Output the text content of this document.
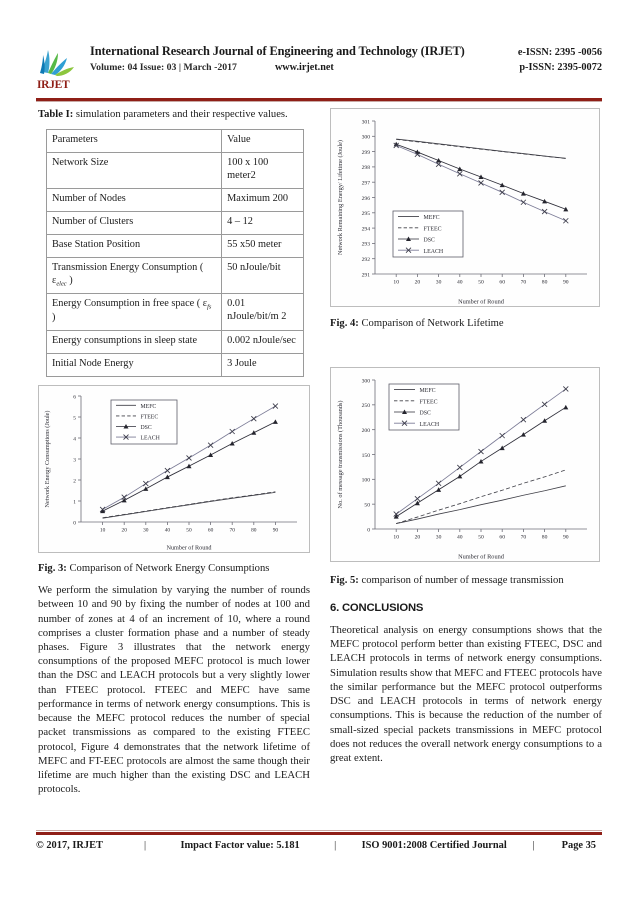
IRJET
International Research Journal of Engineering and Technology (IRJET)	e-ISSN: 2395 -0056
Volume: 04 Issue: 03 | March -2017	www.irjet.net	p-ISSN: 2395-0072

Table I: simulation parameters and their respective values.

Parameters	Value
Network Size	100 x 100 meter2
Number of Nodes	Maximum 200
Number of Clusters	4 – 12
Base Station Position	55 x50 meter
Transmission Energy Consumption ( $\varepsilon_{elec}$ )	50 nJoule/bit
Energy Consumption in free space ( $\varepsilon_{fs}$ )	0.01 nJoule/bit/m 2
Energy consumptions in sleep state	0.002 nJoule/sec
Initial Node Energy	3 Joule
0
1
2
3
4
5
6
10	20	30	40	50	60	70	80	90
Number of Round
Network Energy Consumptions (Joule)
MEFC
FTEEC
DSC
LEACH

Fig. 3: Comparison of Network Energy Consumptions

We perform the simulation by varying the number of rounds between 10 and 90 by fixing the number of nodes at 100 and number of zones at 4 of an increment of 10, where a round comprises a cluster formation phase and a number of steady phases. Figure 3 illustrates that the network energy consumptions of the proposed MEFC protocol is much lower than the DSC and LEACH protocols but a very slightly lower than FTEEC protocol. FTEEC and MEFC have same performance in terms of network energy consumptions. This is because the MEFC protocol reduces the number of special packet transmissions as compared to the existing FTEEC protocol, Figure 4 demonstrates that the network lifetime of MEFC and FT-EEC protocols are almost the same though their lifetime are much higher than the existing DSC and LEACH protocols.

291
292
293
294
295
296
297
298
299
300
301
10	20	30	40	50	60	70	80	90
Number of Round
Network Remaining Energy/ Lifetime (Joule)	MEFC
FTEEC
DSC
LEACH

Fig. 4: Comparison of Network Lifetime

0
50
100
150
200
250
300
10	20	30	40	50	60	70	80	90
Number of Round
No. of message transmissions (Thousands)
MEFC
FTEEC
DSC
LEACH

Fig. 5: comparison of number of message transmission

6. CONCLUSIONS

Theoretical analysis on energy consumptions shows that the MEFC protocol perform better than existing FTEEC, DSC and LEACH protocols in terms of network energy consumptions. Simulation results show that MEFC and FTEEC protocols have the similar performance but the MEFC protocol outperforms DSC and LEACH protocols in terms of network energy consumptions. This is because the reduction of the number of small-sized special packets transmissions in MEFC protocol does not reduces the overall network energy consumptions to a great extent.

© 2017, IRJET	|	Impact Factor value: 5.181	|	ISO 9001:2008 Certified Journal	|	Page 35
